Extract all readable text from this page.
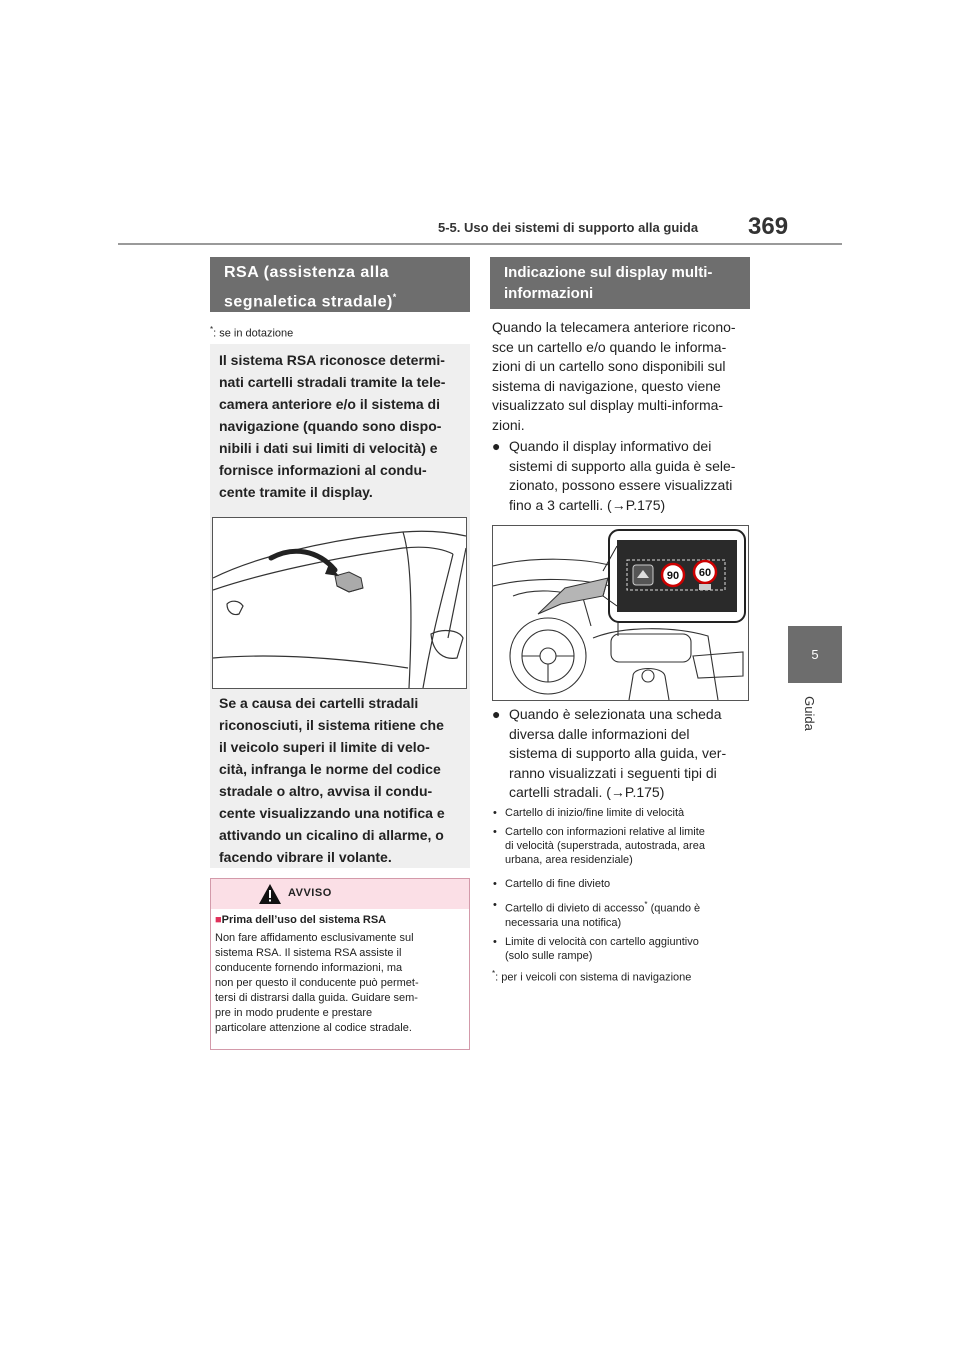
5-5. Uso dei sistemi di supporto alla guida 369
5
Guida
RSA (assistenza alla
segnaletica stradale)*
*: se in dotazione
Il sistema RSA riconosce determi-
nati cartelli stradali tramite la tele-
camera anteriore e/o il sistema di
navigazione (quando sono dispo-
nibili i dati sui limiti di velocità) e
fornisce informazioni al condu-
cente tramite il display.
Se a causa dei cartelli stradali
riconosciuti, il sistema ritiene che
il veicolo superi il limite di velo-
cità, infranga le norme del codice
stradale o altro, avvisa il condu-
cente visualizzando una notifica e
attivando un cicalino di allarme, o
facendo vibrare il volante.
AVVISO
■Prima dell’uso del sistema RSA
Non fare affidamento esclusivamente sul
sistema RSA. Il sistema RSA assiste il
conducente fornendo informazioni, ma
non per questo il conducente può permet-
tersi di distrarsi dalla guida. Guidare sem-
pre in modo prudente e prestare
particolare attenzione al codice stradale.
Indicazione sul display multi-
informazioni
Quando la telecamera anteriore ricono-
sce un cartello e/o quando le informa-
zioni di un cartello sono disponibili sul
sistema di navigazione, questo viene
visualizzato sul display multi-informa-
zioni.
● Quando il display informativo dei
sistemi di supporto alla guida è sele-
zionato, possono essere visualizzati
fino a 3 cartelli. (→P.175)
90 60
● Quando è selezionata una scheda
diversa dalle informazioni del
sistema di supporto alla guida, ver-
ranno visualizzati i seguenti tipi di
cartelli stradali. (→P.175)
• Cartello di inizio/fine limite di velocità
• Cartello con informazioni relative al limite
di velocità (superstrada, autostrada, area
urbana, area residenziale)
• Cartello di fine divieto
• Cartello di divieto di accesso* (quando è
necessaria una notifica)
• Limite di velocità con cartello aggiuntivo
(solo sulle rampe)
*: per i veicoli con sistema di navigazione
